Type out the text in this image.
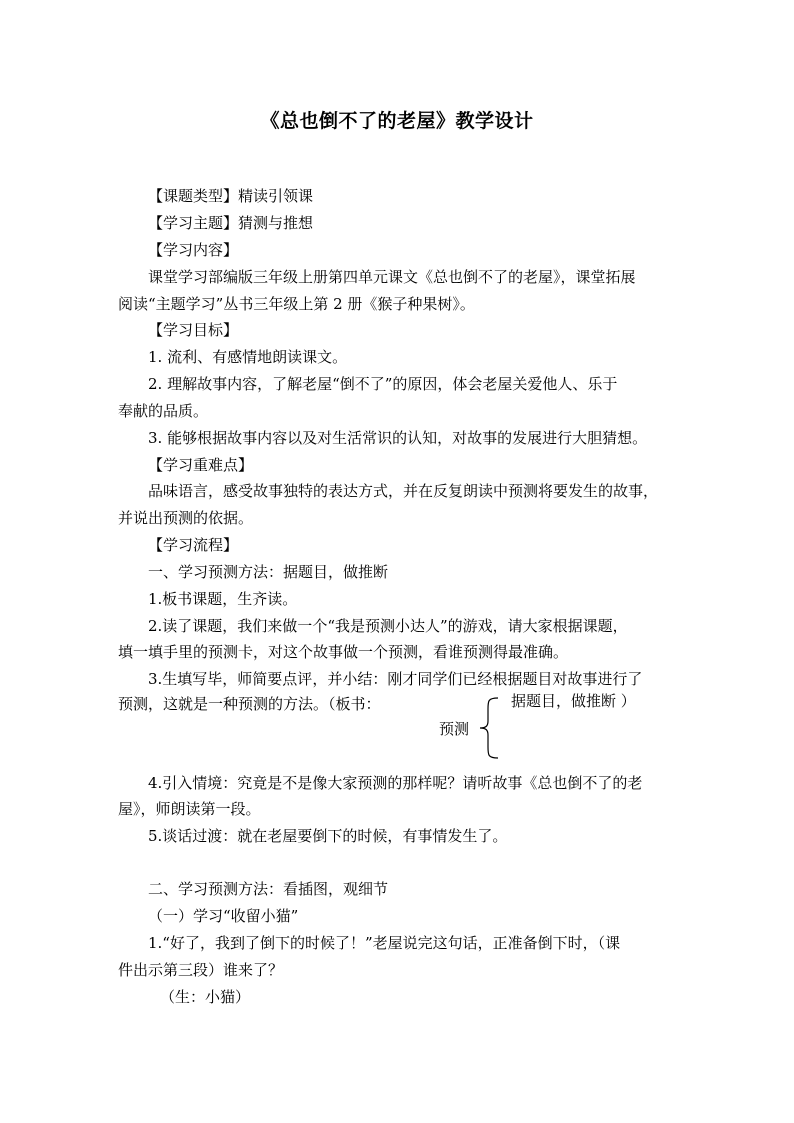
《总也倒不了的老屋》教学设计
【课题类型】精读引领课
【学习主题】猜测与推想
【学习内容】
课堂学习部编版三年级上册第四单元课文《总也倒不了的老屋》，课堂拓展
阅读“主题学习”丛书三年级上第 2 册《猴子种果树》。
【学习目标】
1. 流利、有感情地朗读课文。
2. 理解故事内容，了解老屋“倒不了”的原因，体会老屋关爱他人、乐于
奉献的品质。
3. 能够根据故事内容以及对生活常识的认知，对故事的发展进行大胆猜想。
【学习重难点】
品味语言，感受故事独特的表达方式，并在反复朗读中预测将要发生的故事，
并说出预测的依据。
【学习流程】
一、学习预测方法：据题目，做推断
1.板书课题，生齐读。
2.读了课题，我们来做一个“我是预测小达人”的游戏，请大家根据课题，
填一填手里的预测卡，对这个故事做一个预测，看谁预测得最准确。
3.生填写毕，师简要点评，并小结：刚才同学们已经根据题目对故事进行了
预测，这就是一种预测的方法。（板书：	据题目，做推断 ）
预测
4.引入情境：究竟是不是像大家预测的那样呢？请听故事《总也倒不了的老
屋》，师朗读第一段。
5.谈话过渡：就在老屋要倒下的时候，有事情发生了。
二、学习预测方法：看插图，观细节
（一）学习“收留小猫”
1.“好了，我到了倒下的时候了！”老屋说完这句话，正准备倒下时，（课
件出示第三段）谁来了？
（生：小猫）
